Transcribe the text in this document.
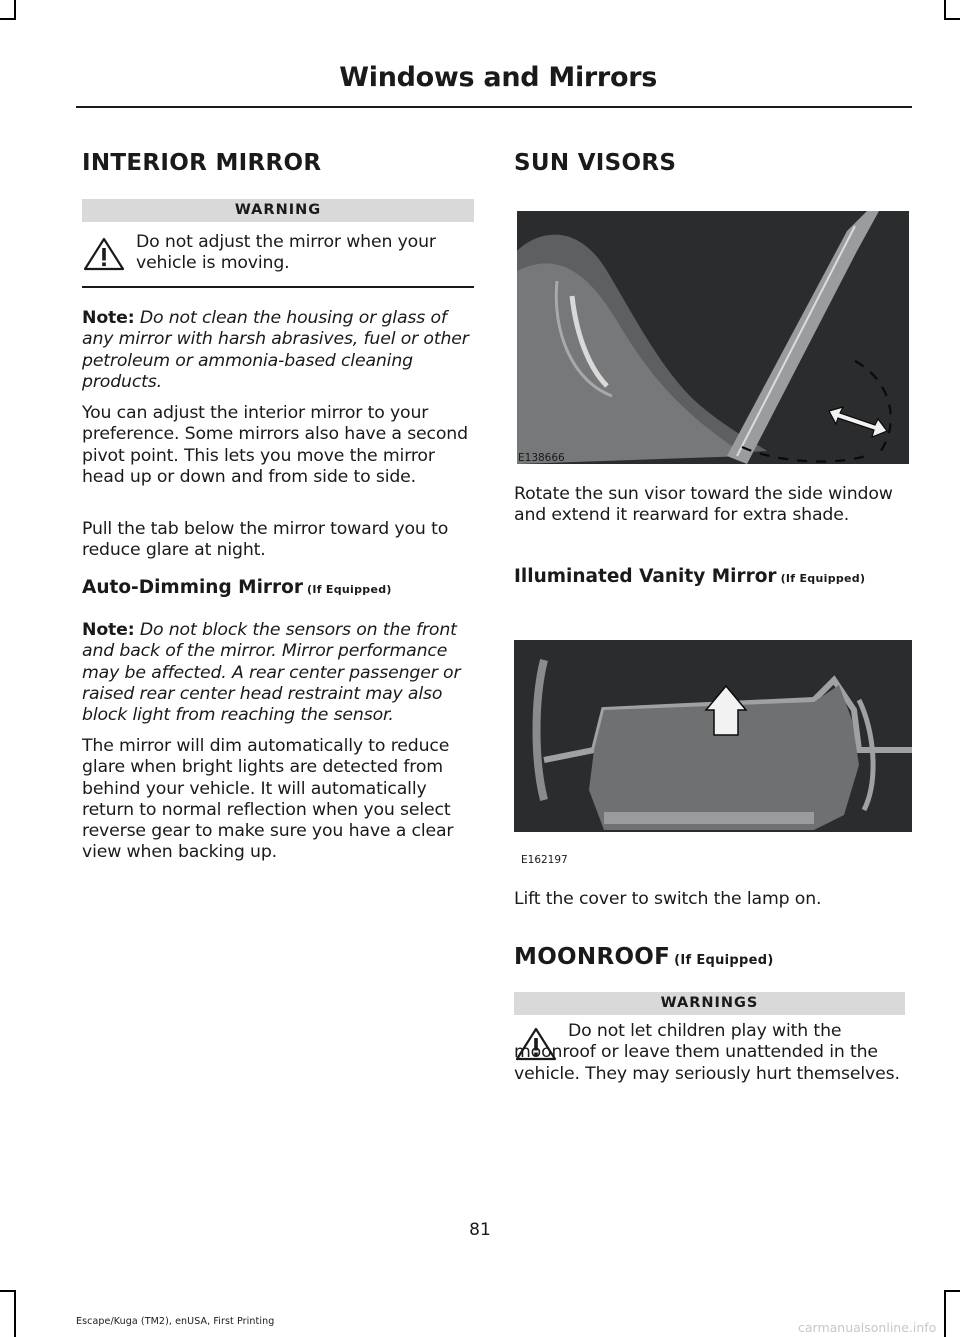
Windows and Mirrors
INTERIOR MIRROR
WARNING

Do not adjust the mirror when your vehicle is moving.

Note: Do not clean the housing or glass of any mirror with harsh abrasives, fuel or other petroleum or ammonia-based cleaning products.

You can adjust the interior mirror to your preference. Some mirrors also have a second pivot point. This lets you move the mirror head up or down and from side to side.

Pull the tab below the mirror toward you to reduce glare at night.

Auto-Dimming Mirror (If Equipped)

Note: Do not block the sensors on the front and back of the mirror. Mirror performance may be affected. A rear center passenger or raised rear center head restraint may also block light from reaching the sensor.

The mirror will dim automatically to reduce glare when bright lights are detected from behind your vehicle. It will automatically return to normal reflection when you select reverse gear to make sure you have a clear view when backing up.

SUN VISORS
E138666

Rotate the sun visor toward the side window and extend it rearward for extra shade.

Illuminated Vanity Mirror (If Equipped)
E162197

Lift the cover to switch the lamp on.

MOONROOF (If Equipped)
WARNINGS

Do not let children play with the moonroof or leave them unattended in the vehicle. They may seriously hurt themselves.

81
Escape/Kuga (TM2), enUSA, First Printing	carmanualsonline.info
